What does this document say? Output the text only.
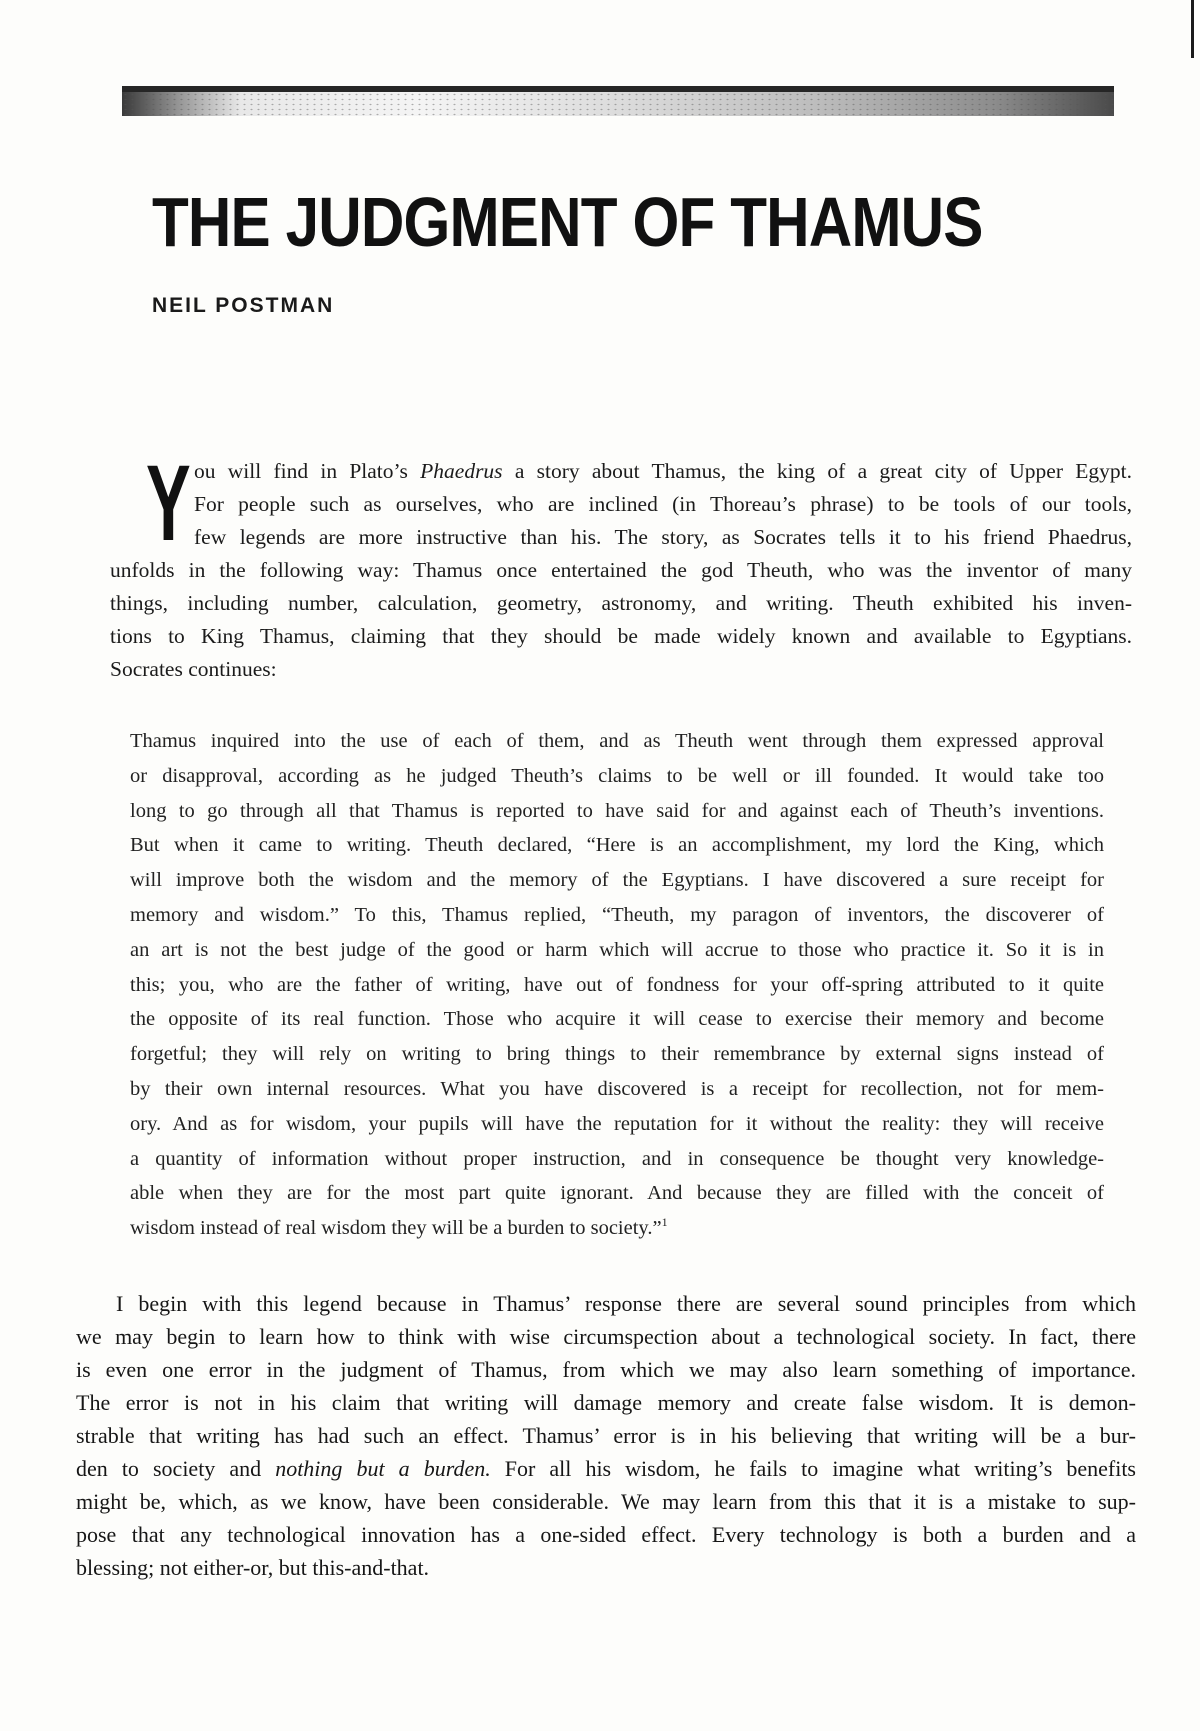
THE JUDGMENT OF THAMUS
NEIL POSTMAN
Y ou will find in Plato’s Phaedrus a story about Thamus, the king of a great city of Upper Egypt.
For people such as ourselves, who are inclined (in Thoreau’s phrase) to be tools of our tools,
few legends are more instructive than his. The story, as Socrates tells it to his friend Phaedrus,
unfolds in the following way: Thamus once entertained the god Theuth, who was the inventor of many
things, including number, calculation, geometry, astronomy, and writing. Theuth exhibited his inven-
tions to King Thamus, claiming that they should be made widely known and available to Egyptians.
Socrates continues:
Thamus inquired into the use of each of them, and as Theuth went through them expressed approval
or disapproval, according as he judged Theuth’s claims to be well or ill founded. It would take too
long to go through all that Thamus is reported to have said for and against each of Theuth’s inventions.
But when it came to writing. Theuth declared, “Here is an accomplishment, my lord the King, which
will improve both the wisdom and the memory of the Egyptians. I have discovered a sure receipt for
memory and wisdom.” To this, Thamus replied, “Theuth, my paragon of inventors, the discoverer of
an art is not the best judge of the good or harm which will accrue to those who practice it. So it is in
this; you, who are the father of writing, have out of fondness for your off-spring attributed to it quite
the opposite of its real function. Those who acquire it will cease to exercise their memory and become
forgetful; they will rely on writing to bring things to their remembrance by external signs instead of
by their own internal resources. What you have discovered is a receipt for recollection, not for mem-
ory. And as for wisdom, your pupils will have the reputation for it without the reality: they will receive
a quantity of information without proper instruction, and in consequence be thought very knowledge-
able when they are for the most part quite ignorant. And because they are filled with the conceit of
wisdom instead of real wisdom they will be a burden to society.”$^1$
I begin with this legend because in Thamus’ response there are several sound principles from which
we may begin to learn how to think with wise circumspection about a technological society. In fact, there
is even one error in the judgment of Thamus, from which we may also learn something of importance.
The error is not in his claim that writing will damage memory and create false wisdom. It is demon-
strable that writing has had such an effect. Thamus’ error is in his believing that writing will be a bur-
den to society and nothing but a burden. For all his wisdom, he fails to imagine what writing’s benefits
might be, which, as we know, have been considerable. We may learn from this that it is a mistake to sup-
pose that any technological innovation has a one-sided effect. Every technology is both a burden and a
blessing; not either-or, but this-and-that.
